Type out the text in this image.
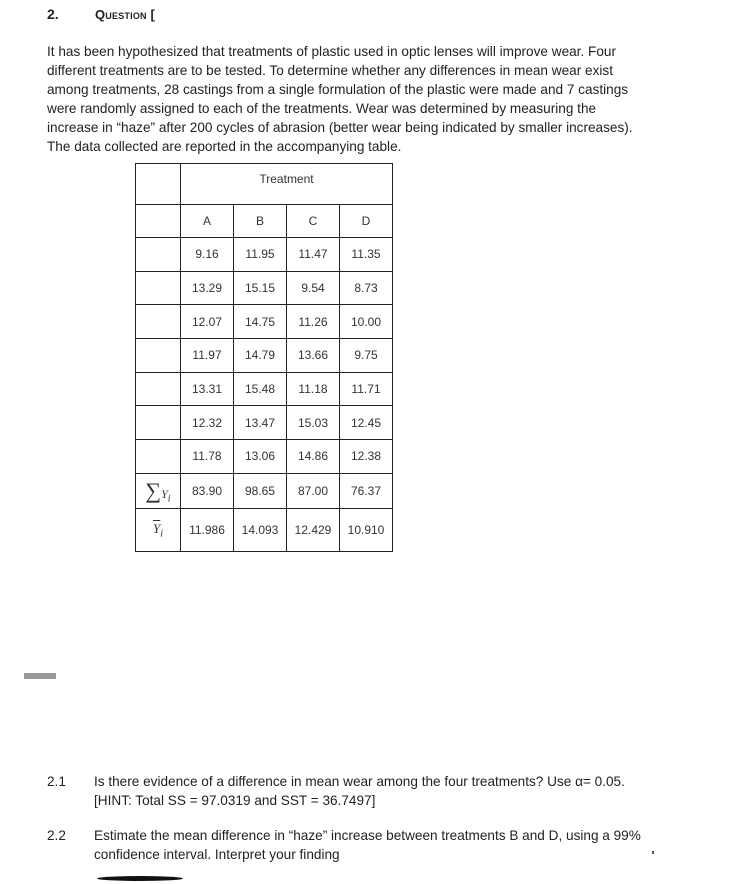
2.	Question [
It has been hypothesized that treatments of plastic used in optic lenses will improve wear. Four
different treatments are to be tested. To determine whether any differences in mean wear exist
among treatments, 28 castings from a single formulation of the plastic were made and 7 castings
were randomly assigned to each of the treatments. Wear was determined by measuring the
increase in “haze” after 200 cycles of abrasion (better wear being indicated by smaller increases).
The data collected are reported in the accompanying table.
	Treatment			
	A	B	C	D
	9.16	11.95	11.47	11.35
	13.29	15.15	9.54	8.73
	12.07	14.75	11.26	10.00
	11.97	14.79	13.66	9.75
	13.31	15.48	11.18	11.71
	12.32	13.47	15.03	12.45
	11.78	13.06	14.86	12.38
$\sum Y_i$	83.90	98.65	87.00	76.37
$\overline{Y}_i$	11.986	14.093	12.429	10.910
2.1 Is there evidence of a difference in mean wear among the four treatments? Use α= 0.05.
[HINT: Total SS = 97.0319 and SST = 36.7497]
2.2 Estimate the mean difference in “haze” increase between treatments B and D, using a 99%
confidence interval. Interpret your finding
